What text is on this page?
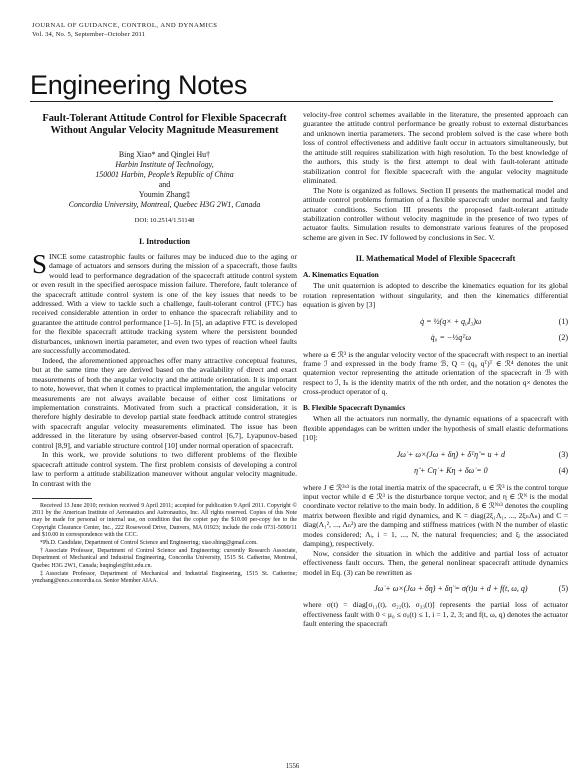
JOURNAL OF GUIDANCE, CONTROL, AND DYNAMICS
Vol. 34, No. 5, September–October 2011
Engineering Notes
Fault-Tolerant Attitude Control for Flexible Spacecraft Without Angular Velocity Magnitude Measurement
Bing Xiao* and Qinglei Hu†
Harbin Institute of Technology,
150001 Harbin, People’s Republic of China
and
Youmin Zhang‡
Concordia University, Montreal, Quebec H3G 2W1, Canada
DOI: 10.2514/1.51148
I. Introduction

SINCE some catastrophic faults or failures may be induced due to the aging or damage of actuators and sensors during the mission of a spacecraft, those faults would lead to performance degradation of the spacecraft attitude control system or even result in the specified aerospace mission failure. Therefore, fault tolerance of the spacecraft attitude control system is one of the key issues that needs to be addressed. With a view to tackle such a challenge, fault-tolerant control (FTC) has received considerable attention in order to enhance the spacecraft reliability and to guarantee the attitude control performance [1–5]. In [5], an adaptive FTC is developed for the flexible spacecraft attitude tracking system where the persistent bounded disturbances, unknown inertia parameter, and even two types of reaction wheel faults are successfully accommodated.

Indeed, the aforementioned approaches offer many attractive conceptual features, but at the same time they are derived based on the availability of direct and exact measurements of both the angular velocity and the attitude orientation. It is important to note, however, that when it comes to practical implementation, the angular velocity measurements are not always available because of either cost limitations or implementation constraints. Motivated from such a practical consideration, it is therefore highly desirable to develop partial state feedback attitude control strategies with spacecraft angular velocity measurements eliminated. The issue has been addressed in the literature by using observer-based control [6,7], Lyapunov-based control [8,9], and variable structure control [10] under normal operation of spacecraft.

In this work, we provide solutions to two different problems of the flexible spacecraft attitude control system. The first problem consists of developing a control law to perform a attitude stabilization maneuver without angular velocity magnitude. In contrast with the

Received 13 June 2010; revision received 9 April 2011; accepted for publication 9 April 2011. Copyright © 2011 by the American Institute of Aeronautics and Astronautics, Inc. All rights reserved. Copies of this Note may be made for personal or internal use, on condition that the copier pay the $10.00 per-copy fee to the Copyright Clearance Center, Inc., 222 Rosewood Drive, Danvers, MA 01923; include the code 0731-5090/11 and $10.00 in correspondence with the CCC.

*Ph.D. Candidate, Department of Control Science and Engineering; xiao.shing@gmail.com.

†Associate Professor, Department of Control Science and Engineering; currently Research Associate, Department of Mechanical and Industrial Engineering, Concordia University, 1515 St. Catherine, Montreal, Quebec H3G 2W1, Canada; huqinglei@hit.edu.cn.

‡Associate Professor, Department of Mechanical and Industrial Engineering, 1515 St. Catherine; ymzhang@encs.concordia.ca. Senior Member AIAA.

velocity-free control schemes available in the literature, the presented approach can guarantee the attitude control performance be greatly robust to external disturbances and unknown inertia parameters. The second problem solved is the case where both loss of control effectiveness and additive fault occur in actuators simultaneously, but the attitude still requires stabilization with high resolution. To the best knowledge of the authors, this study is the first attempt to deal with fault-tolerant attitude stabilization control for flexible spacecraft with the angular velocity magnitude eliminated.

The Note is organized as follows. Section II presents the mathematical model and attitude control problems formation of a flexible spacecraft under normal and faulty actuator conditions. Section III presents the proposed fault-tolerant attitude stabilization controller without velocity magnitude in the presence of two types of actuator faults. Simulation results to demonstrate various features of the proposed scheme are given in Sec. IV followed by conclusions in Sec. V.

II. Mathematical Model of Flexible Spacecraft
A. Kinematics Equation

The unit quaternion is adopted to describe the kinematics equation for its global rotation representation without singularity, and then the kinematics differential equation is given by [3]

q̇ = ½(q× + q₀I₃)ω	(1)
q̇₀ = −½qᵀω	(2)

where ω ∈ ℛ³ is the angular velocity vector of the spacecraft with respect to an inertial frame ℐ and expressed in the body frame ℬ, Q = (q₀ qᵀ)ᵀ ∈ ℛ⁴ denotes the unit quaternion vector representing the attitude orientation of the spacecraft in ℬ with respect to ℐ, Iₙ is the identity matrix of the nth order, and the notation q× denotes the cross-product operator of q.

B. Flexible Spacecraft Dynamics

When all the actuators run normally, the dynamic equations of a spacecraft with flexible appendages can be written under the hypothesis of small elastic deformations [10]:

Jω̇ + ω×(Jω + δη̇) + δᵀη̈ = u + d	(3)
η̈ + Cη̇ + Kη + δω̇ = 0	(4)

where J ∈ ℛ³ˣ³ is the total inertia matrix of the spacecraft, u ∈ ℛ³ is the control torque input vector while d ∈ ℛ³ is the disturbance torque vector, and η ∈ ℛᴺ is the modal coordinate vector relative to the main body. In addition, δ ∈ ℛᴺˣ³ denotes the coupling matrix between flexible and rigid dynamics, and K = diag(2ξ₁Λ₁, ..., 2ξₙΛₙ) and C = diag(Λ₁², ..., Λₙ²) are the damping and stiffness matrices (with N the number of elastic modes considered; Λᵢ, i = 1, ..., N, the natural frequencies; and ξᵢ the associated damping), respectively.

Now, consider the situation in which the additive and partial loss of actuator effectiveness fault occurs. Then, the general nonlinear spacecraft attitude dynamics model in Eq. (3) can be rewritten as

Jω̇ + ω×(Jω + δη̇) + δη̈ = σ(t)u + d + f(t, ω, q)	(5)

where σ(t) = diag[σ₁₁(t), σ₂₂(t), σ₃₃(t)] represents the partial loss of actuator effectiveness fault with 0 < μ₀ ≤ σᵢᵢ(t) ≤ 1, i = 1, 2, 3; and f(t, ω, q) denotes the actuator fault entering the spacecraft

1556
